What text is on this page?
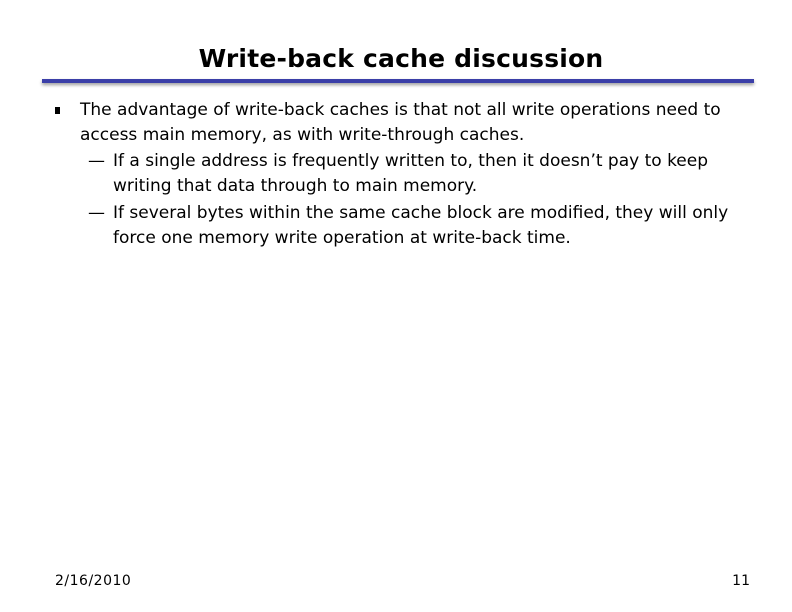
Write-back cache discussion
The advantage of write-back caches is that not all write operations need to access main memory, as with write-through caches.
— If a single address is frequently written to, then it doesn’t pay to keep writing that data through to main memory.
— If several bytes within the same cache block are modified, they will only force one memory write operation at write-back time.
2/16/2010	11
